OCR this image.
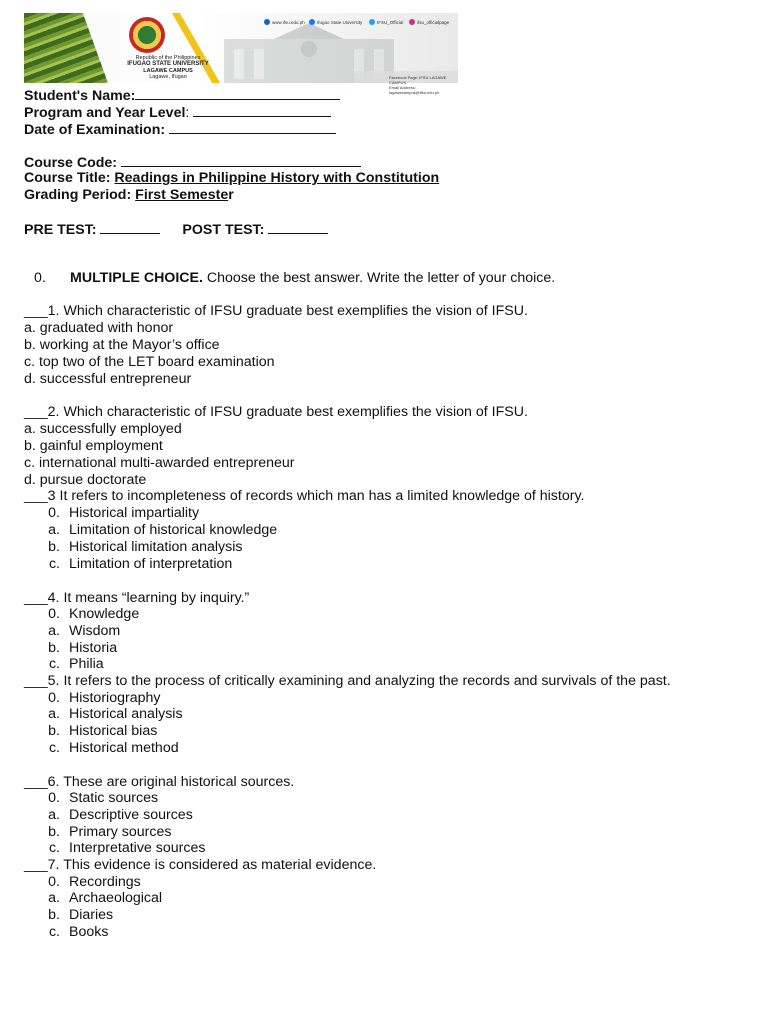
Republic of the Philippines
IFUGAO STATE UNIVERSITY
LAGAWE CAMPUS
Lagawe, Ifugao
www.ifsu.edu.ph	Ifugao State University	IFSU_Official	ifsu_officialpage
Facebook Page: IFSU LAGAWE CAMPUS
Email Address: lagawecampus@ifsu.edu.ph
Student's Name:
Program and Year Level:
Date of Examination:
Course Code:
Course Title: Readings in Philippine History with Constitution
Grading Period: First Semester
PRE TEST:	POST TEST:
0. MULTIPLE CHOICE. Choose the best answer. Write the letter of your choice.
___1. Which characteristic of IFSU graduate best exemplifies the vision of IFSU.
a. graduated with honor
b. working at the Mayor’s office
c. top two of the LET board examination
d. successful entrepreneur
___2. Which characteristic of IFSU graduate best exemplifies the vision of IFSU.
a. successfully employed
b. gainful employment
c. international multi-awarded entrepreneur
d. pursue doctorate
___3 It refers to incompleteness of records which man has a limited knowledge of history.
0. Historical impartiality
a. Limitation of historical knowledge
b. Historical limitation analysis
c. Limitation of interpretation
___4. It means “learning by inquiry.”
0. Knowledge
a. Wisdom
b. Historia
c. Philia
___5. It refers to the process of critically examining and analyzing the records and survivals of the past.
0. Historiography
a. Historical analysis
b. Historical bias
c. Historical method
___6. These are original historical sources.
0. Static sources
a. Descriptive sources
b. Primary sources
c. Interpretative sources
___7. This evidence is considered as material evidence.
0. Recordings
a. Archaeological
b. Diaries
c. Books
